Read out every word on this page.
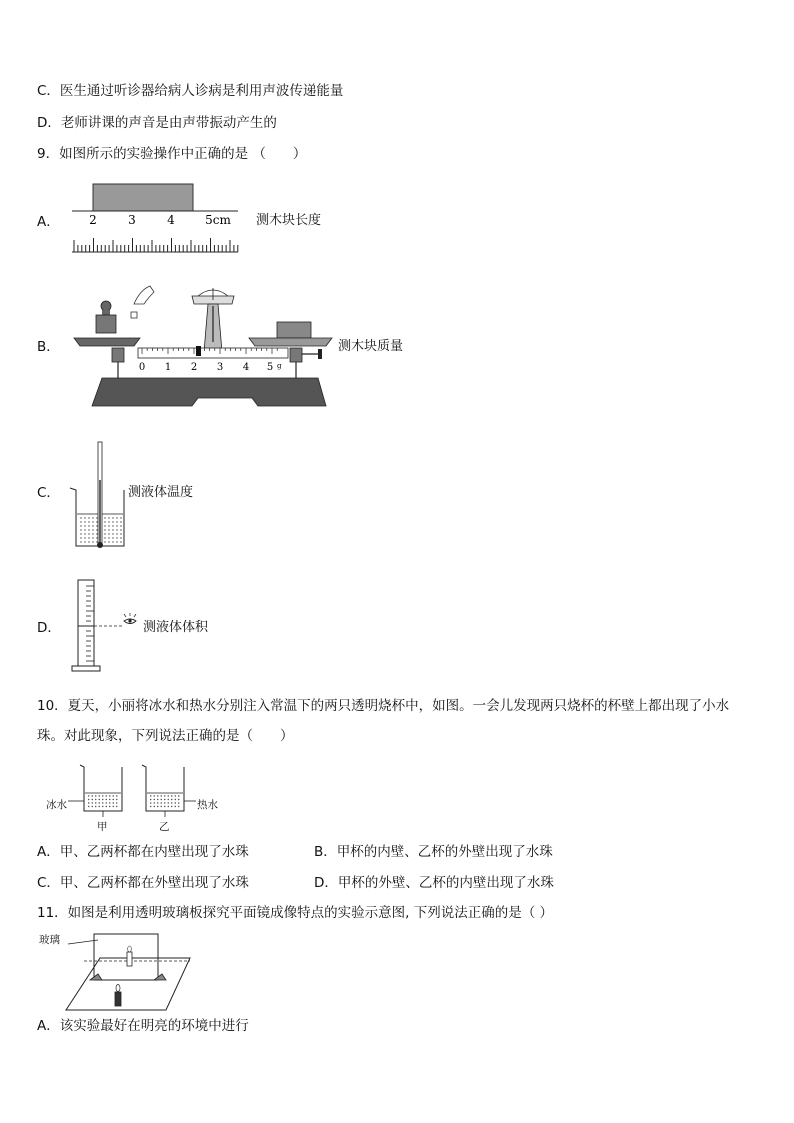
C．医生通过听诊器给病人诊病是利用声波传递能量
D．老师讲课的声音是由声带振动产生的
9．如图所示的实验操作中正确的是 （　　）
A． 2	3	4	5cm 测木块长度
B．
0 1 2 3 4 5 g
测木块质量
C．	测液体温度
D．	测液体体积
10．夏天，小丽将冰水和热水分别注入常温下的两只透明烧杯中，如图。一会儿发现两只烧杯的杯壁上都出现了小水
珠。对此现象，下列说法正确的是（　　）
冰水	热水
甲	乙
A．甲、乙两杯都在内壁出现了水珠	B．甲杯的内壁、乙杯的外壁出现了水珠
C．甲、乙两杯都在外壁出现了水珠	D．甲杯的外壁、乙杯的内壁出现了水珠
11．如图是利用透明玻璃板探究平面镜成像特点的实验示意图, 下列说法正确的是（ ）
玻璃
A．该实验最好在明亮的环境中进行
